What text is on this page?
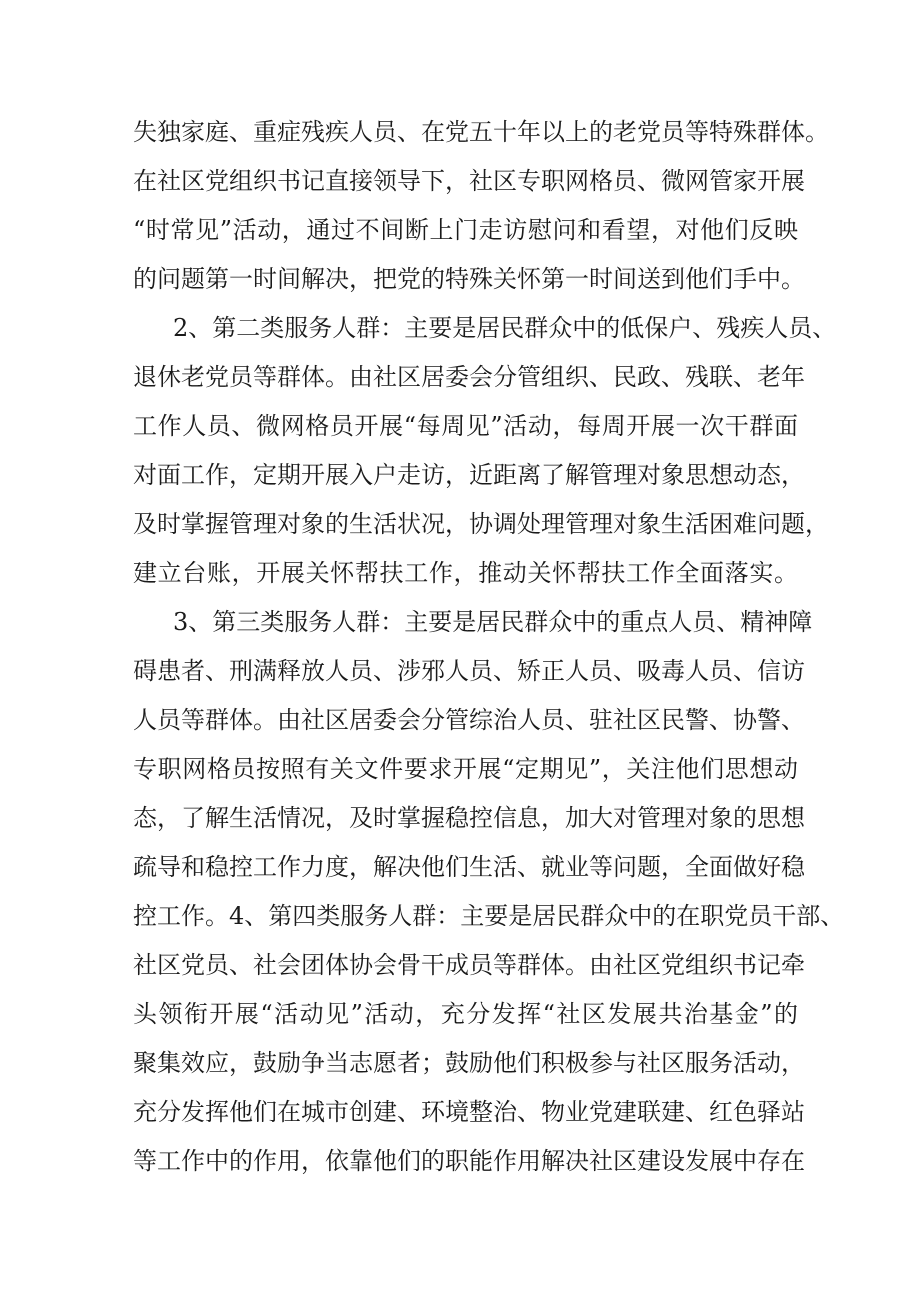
失独家庭、重症残疾人员、在党五十年以上的老党员等特殊群体。
在社区党组织书记直接领导下，社区专职网格员、微网管家开展
“时常见”活动，通过不间断上门走访慰问和看望，对他们反映
的问题第一时间解决，把党的特殊关怀第一时间送到他们手中。
2、第二类服务人群：主要是居民群众中的低保户、残疾人员、
退休老党员等群体。由社区居委会分管组织、民政、残联、老年
工作人员、微网格员开展“每周见”活动，每周开展一次干群面
对面工作，定期开展入户走访，近距离了解管理对象思想动态，
及时掌握管理对象的生活状况，协调处理管理对象生活困难问题，
建立台账，开展关怀帮扶工作，推动关怀帮扶工作全面落实。
3、第三类服务人群：主要是居民群众中的重点人员、精神障
碍患者、刑满释放人员、涉邪人员、矫正人员、吸毒人员、信访
人员等群体。由社区居委会分管综治人员、驻社区民警、协警、
专职网格员按照有关文件要求开展“定期见”，关注他们思想动
态，了解生活情况，及时掌握稳控信息，加大对管理对象的思想
疏导和稳控工作力度，解决他们生活、就业等问题，全面做好稳
控工作。4、第四类服务人群：主要是居民群众中的在职党员干部、
社区党员、社会团体协会骨干成员等群体。由社区党组织书记牵
头领衔开展“活动见”活动，充分发挥“社区发展共治基金”的
聚集效应，鼓励争当志愿者；鼓励他们积极参与社区服务活动，
充分发挥他们在城市创建、环境整治、物业党建联建、红色驿站
等工作中的作用，依靠他们的职能作用解决社区建设发展中存在
